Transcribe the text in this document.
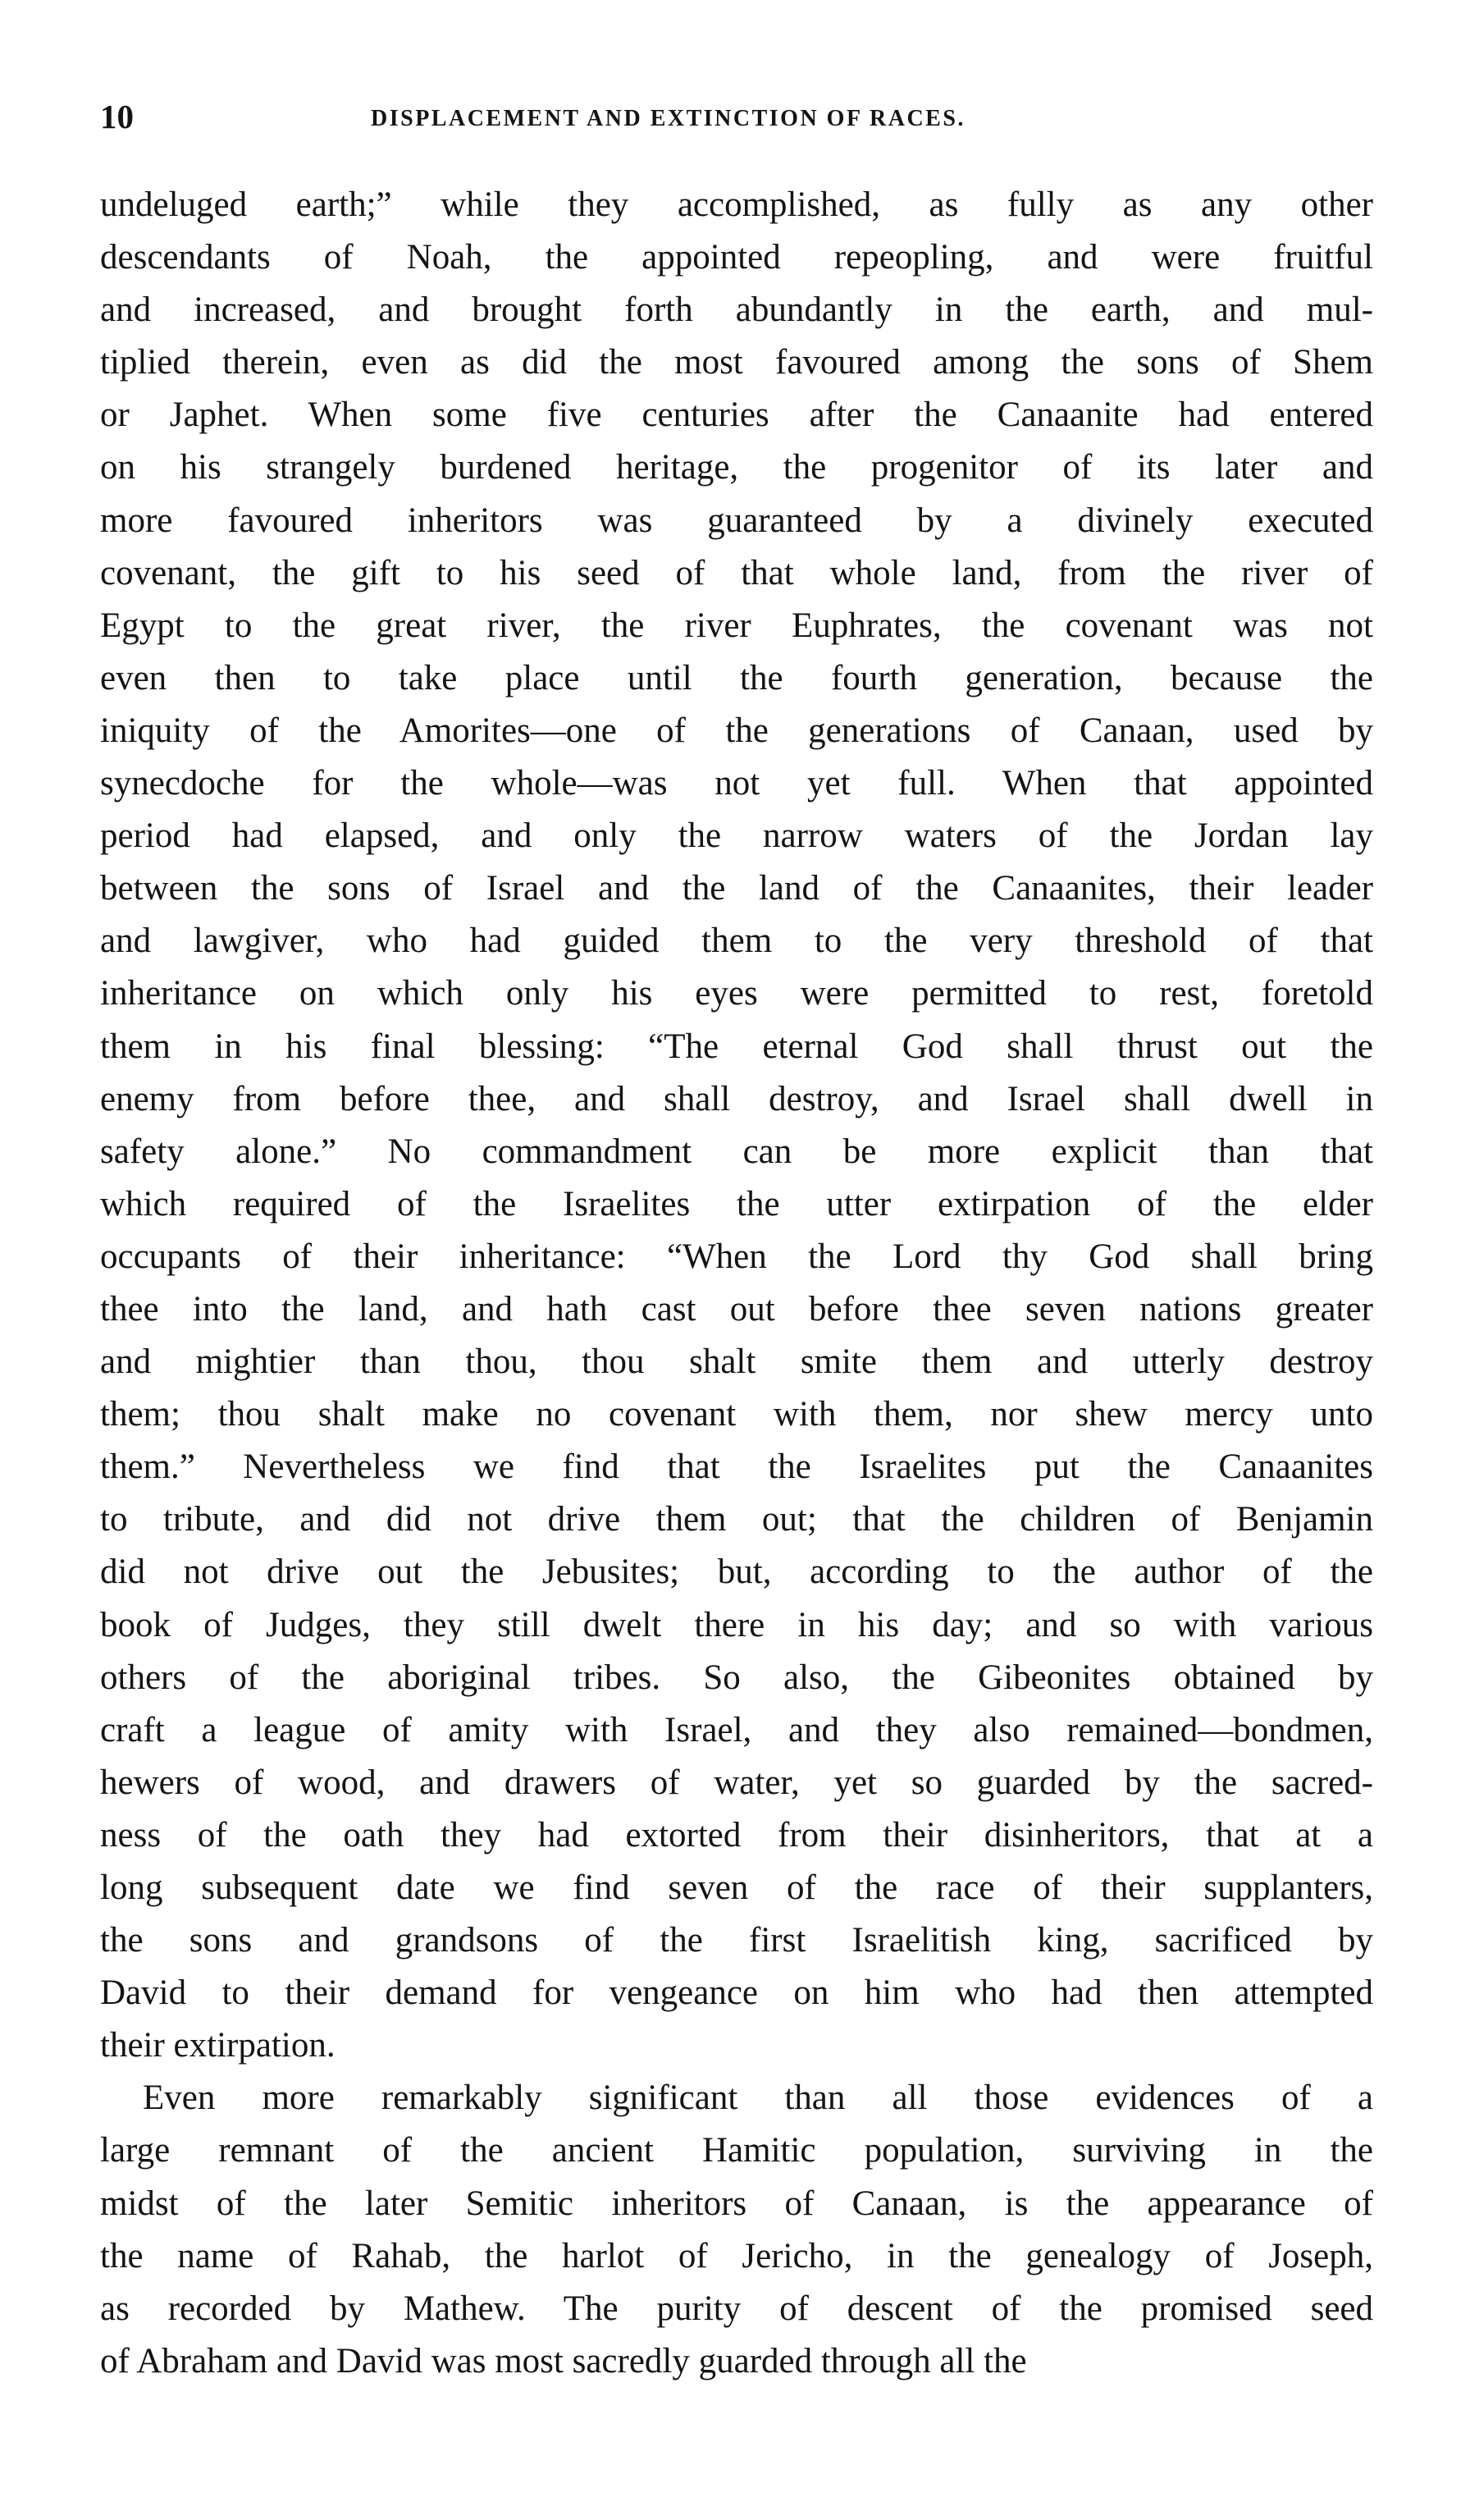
10	DISPLACEMENT AND EXTINCTION OF RACES.
undeluged earth;” while they accomplished, as fully as any other
descendants of Noah, the appointed repeopling, and were fruitful
and increased, and brought forth abundantly in the earth, and mul-
tiplied therein, even as did the most favoured among the sons of Shem
or Japhet. When some five centuries after the Canaanite had entered
on his strangely burdened heritage, the progenitor of its later and
more favoured inheritors was guaranteed by a divinely executed
covenant, the gift to his seed of that whole land, from the river of
Egypt to the great river, the river Euphrates, the covenant was not
even then to take place until the fourth generation, because the
iniquity of the Amorites—one of the generations of Canaan, used by
synecdoche for the whole—was not yet full. When that appointed
period had elapsed, and only the narrow waters of the Jordan lay
between the sons of Israel and the land of the Canaanites, their leader
and lawgiver, who had guided them to the very threshold of that
inheritance on which only his eyes were permitted to rest, foretold
them in his final blessing: “The eternal God shall thrust out the
enemy from before thee, and shall destroy, and Israel shall dwell in
safety alone.” No commandment can be more explicit than that
which required of the Israelites the utter extirpation of the elder
occupants of their inheritance: “When the Lord thy God shall bring
thee into the land, and hath cast out before thee seven nations greater
and mightier than thou, thou shalt smite them and utterly destroy
them; thou shalt make no covenant with them, nor shew mercy unto
them.” Nevertheless we find that the Israelites put the Canaanites
to tribute, and did not drive them out; that the children of Benjamin
did not drive out the Jebusites; but, according to the author of the
book of Judges, they still dwelt there in his day; and so with various
others of the aboriginal tribes. So also, the Gibeonites obtained by
craft a league of amity with Israel, and they also remained—bondmen,
hewers of wood, and drawers of water, yet so guarded by the sacred-
ness of the oath they had extorted from their disinheritors, that at a
long subsequent date we find seven of the race of their supplanters,
the sons and grandsons of the first Israelitish king, sacrificed by
David to their demand for vengeance on him who had then attempted
their extirpation.
Even more remarkably significant than all those evidences of a
large remnant of the ancient Hamitic population, surviving in the
midst of the later Semitic inheritors of Canaan, is the appearance of
the name of Rahab, the harlot of Jericho, in the genealogy of Joseph,
as recorded by Mathew. The purity of descent of the promised seed
of Abraham and David was most sacredly guarded through all the
